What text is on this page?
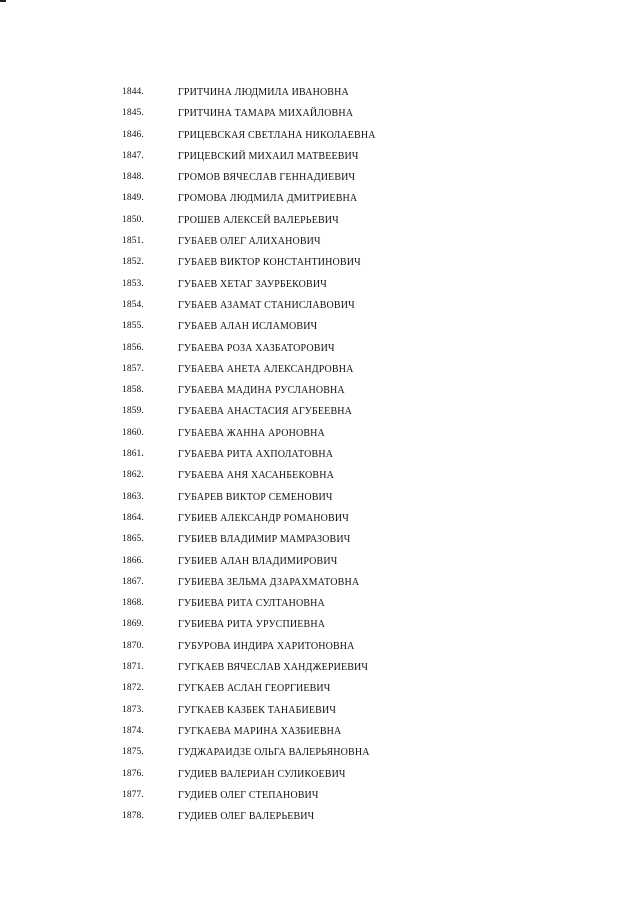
1844.	ГРИТЧИНА ЛЮДМИЛА ИВАНОВНА
1845.	ГРИТЧИНА ТАМАРА МИХАЙЛОВНА
1846.	ГРИЦЕВСКАЯ СВЕТЛАНА НИКОЛАЕВНА
1847.	ГРИЦЕВСКИЙ МИХАИЛ МАТВЕЕВИЧ
1848.	ГРОМОВ ВЯЧЕСЛАВ ГЕННАДИЕВИЧ
1849.	ГРОМОВА ЛЮДМИЛА ДМИТРИЕВНА
1850.	ГРОШЕВ АЛЕКСЕЙ ВАЛЕРЬЕВИЧ
1851.	ГУБАЕВ ОЛЕГ АЛИХАНОВИЧ
1852.	ГУБАЕВ ВИКТОР КОНСТАНТИНОВИЧ
1853.	ГУБАЕВ ХЕТАГ ЗАУРБЕКОВИЧ
1854.	ГУБАЕВ АЗАМАТ СТАНИСЛАВОВИЧ
1855.	ГУБАЕВ АЛАН ИСЛАМОВИЧ
1856.	ГУБАЕВА РОЗА ХАЗБАТОРОВИЧ
1857.	ГУБАЕВА АНЕТА АЛЕКСАНДРОВНА
1858.	ГУБАЕВА МАДИНА РУСЛАНОВНА
1859.	ГУБАЕВА АНАСТАСИЯ АГУБЕЕВНА
1860.	ГУБАЕВА ЖАННА АРОНОВНА
1861.	ГУБАЕВА РИТА АХПОЛАТОВНА
1862.	ГУБАЕВА АНЯ ХАСАНБЕКОВНА
1863.	ГУБАРЕВ ВИКТОР СЕМЕНОВИЧ
1864.	ГУБИЕВ АЛЕКСАНДР РОМАНОВИЧ
1865.	ГУБИЕВ ВЛАДИМИР МАМРАЗОВИЧ
1866.	ГУБИЕВ АЛАН ВЛАДИМИРОВИЧ
1867.	ГУБИЕВА ЗЕЛЬМА ДЗАРАХМАТОВНА
1868.	ГУБИЕВА РИТА СУЛТАНОВНА
1869.	ГУБИЕВА РИТА УРУСПИЕВНА
1870.	ГУБУРОВА ИНДИРА ХАРИТОНОВНА
1871.	ГУГКАЕВ ВЯЧЕСЛАВ ХАНДЖЕРИЕВИЧ
1872.	ГУГКАЕВ АСЛАН ГЕОРГИЕВИЧ
1873.	ГУГКАЕВ КАЗБЕК ТАНАБИЕВИЧ
1874.	ГУГКАЕВА МАРИНА ХАЗБИЕВНА
1875.	ГУДЖАРАИДЗЕ ОЛЬГА ВАЛЕРЬЯНОВНА
1876.	ГУДИЕВ ВАЛЕРИАН СУЛИКОЕВИЧ
1877.	ГУДИЕВ ОЛЕГ СТЕПАНОВИЧ
1878.	ГУДИЕВ ОЛЕГ ВАЛЕРЬЕВИЧ
